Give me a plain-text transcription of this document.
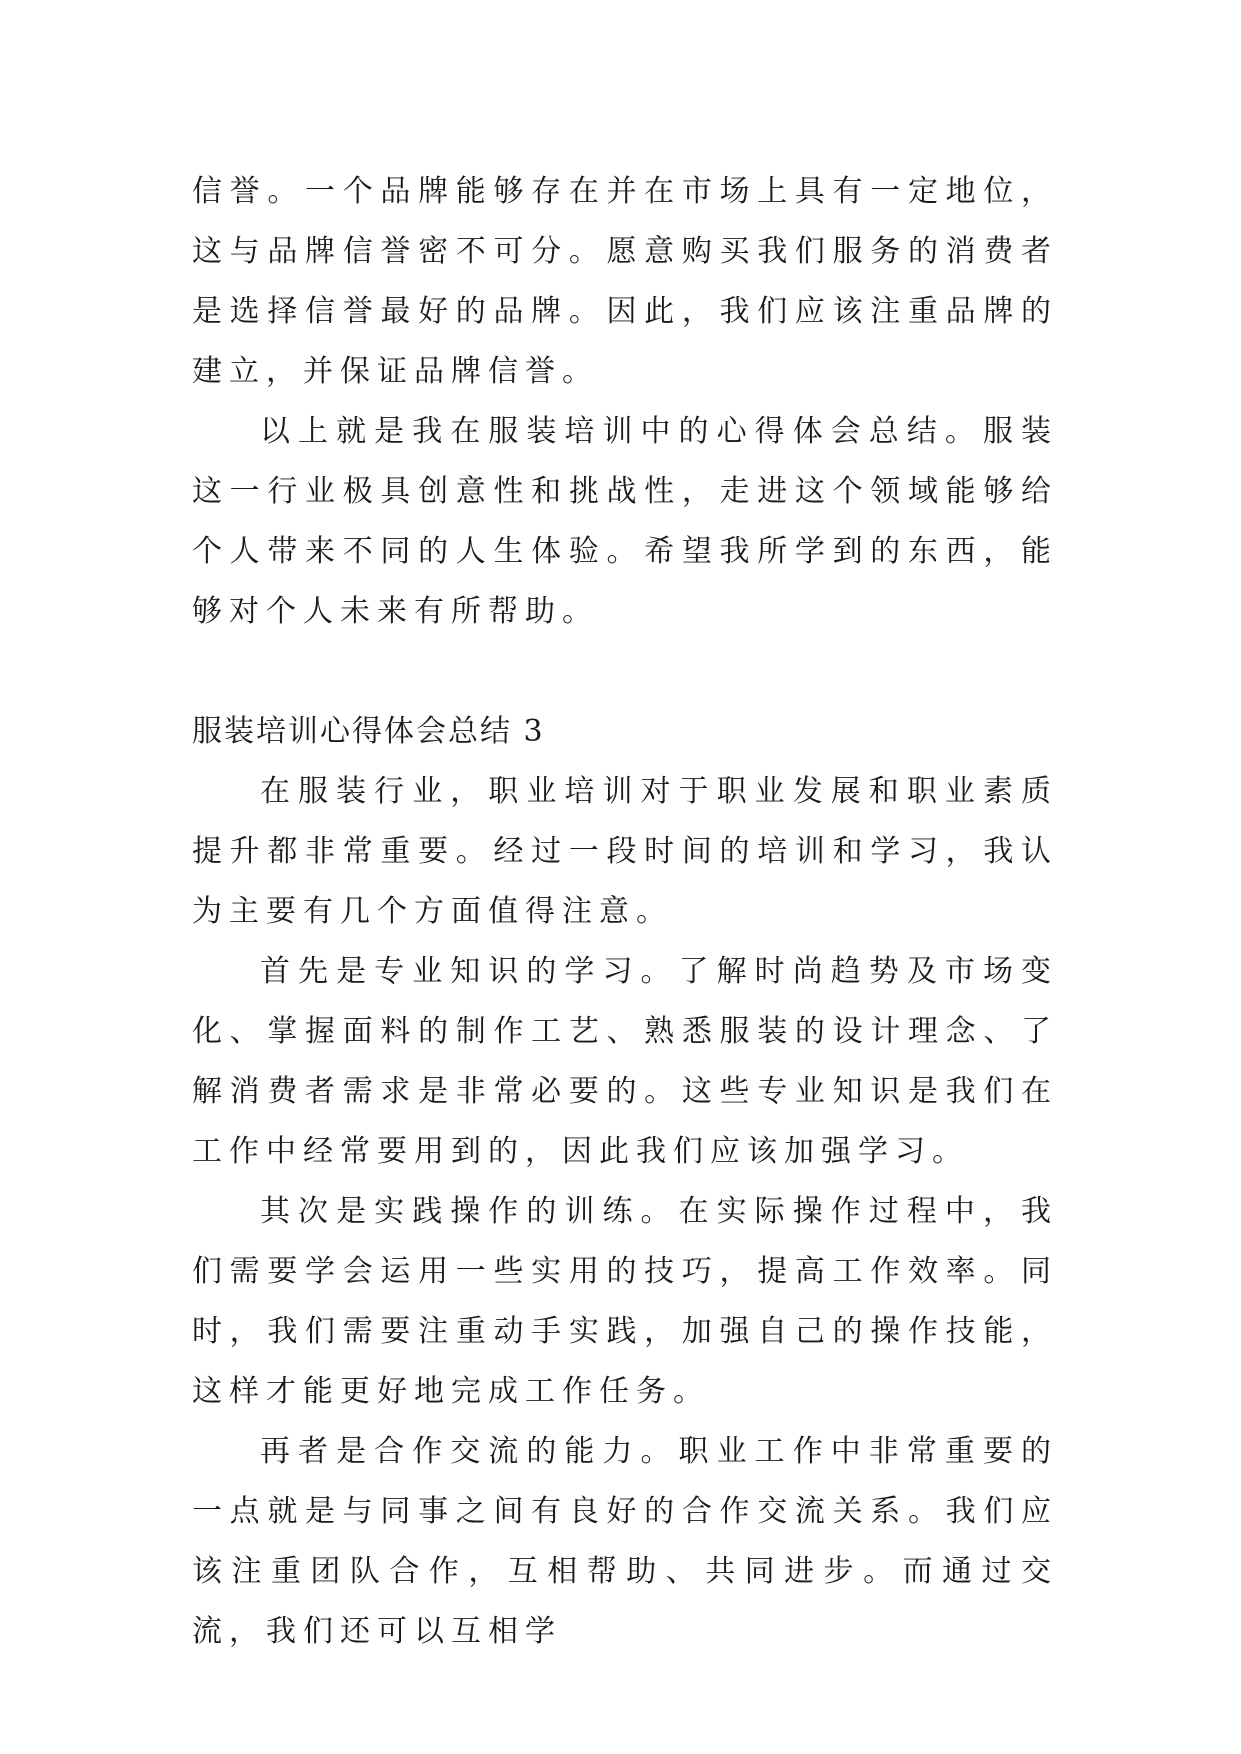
信誉。一个品牌能够存在并在市场上具有一定地位，这与品牌信誉密不可分。愿意购买我们服务的消费者是选择信誉最好的品牌。因此，我们应该注重品牌的建立，并保证品牌信誉。

以上就是我在服装培训中的心得体会总结。服装这一行业极具创意性和挑战性，走进这个领域能够给个人带来不同的人生体验。希望我所学到的东西，能够对个人未来有所帮助。

服装培训心得体会总结 3

在服装行业，职业培训对于职业发展和职业素质提升都非常重要。经过一段时间的培训和学习，我认为主要有几个方面值得注意。

首先是专业知识的学习。了解时尚趋势及市场变化、掌握面料的制作工艺、熟悉服装的设计理念、了解消费者需求是非常必要的。这些专业知识是我们在工作中经常要用到的，因此我们应该加强学习。

其次是实践操作的训练。在实际操作过程中，我们需要学会运用一些实用的技巧，提高工作效率。同时，我们需要注重动手实践，加强自己的操作技能，这样才能更好地完成工作任务。

再者是合作交流的能力。职业工作中非常重要的一点就是与同事之间有良好的合作交流关系。我们应该注重团队合作，互相帮助、共同进步。而通过交流，我们还可以互相学
